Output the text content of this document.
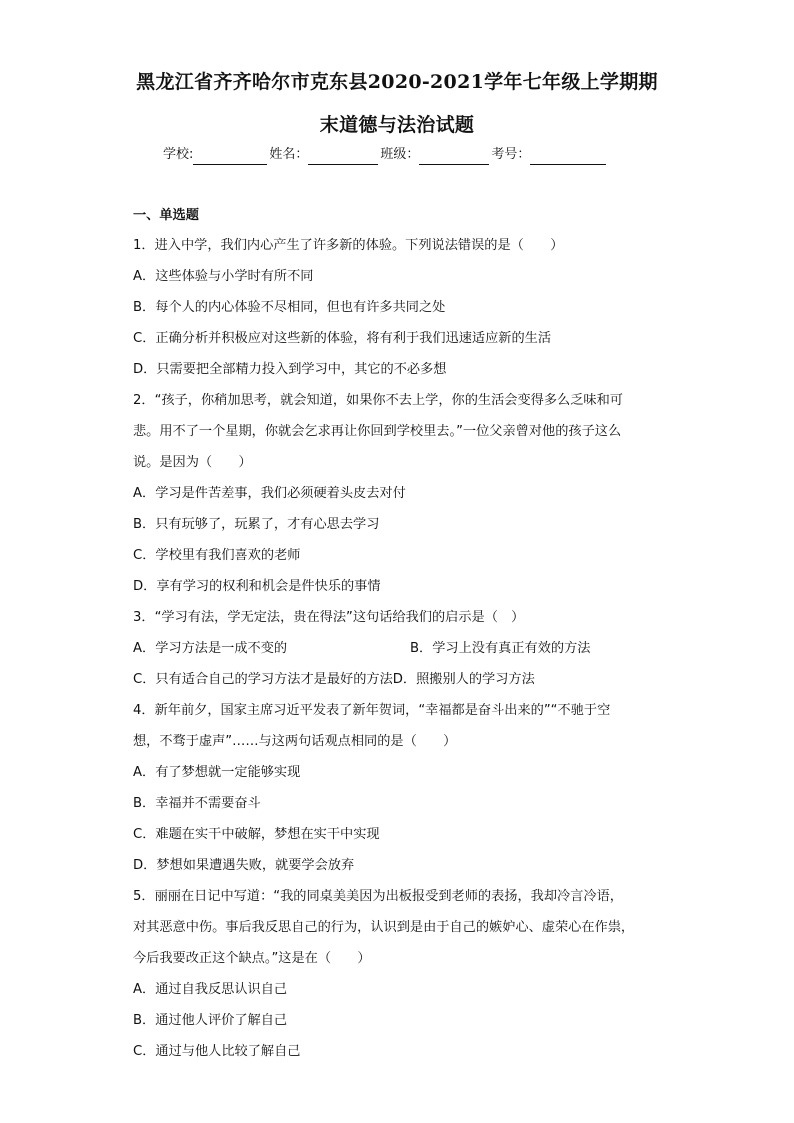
黑龙江省齐齐哈尔市克东县2020-2021学年七年级上学期期
末道德与法治试题
学校:	姓名：	班级：	考号：
一、单选题
1．进入中学，我们内心产生了许多新的体验。下列说法错误的是（　　）
A．这些体验与小学时有所不同
B．每个人的内心体验不尽相同，但也有许多共同之处
C．正确分析并积极应对这些新的体验，将有利于我们迅速适应新的生活
D．只需要把全部精力投入到学习中，其它的不必多想
2．“孩子，你稍加思考，就会知道，如果你不去上学，你的生活会变得多么乏味和可
悲。用不了一个星期，你就会乞求再让你回到学校里去。”一位父亲曾对他的孩子这么
说。是因为（　　）
A．学习是件苦差事，我们必须硬着头皮去对付
B．只有玩够了，玩累了，才有心思去学习
C．学校里有我们喜欢的老师
D．享有学习的权利和机会是件快乐的事情
3．“学习有法，学无定法，贵在得法”这句话给我们的启示是（　）
A．学习方法是一成不变的	B．学习上没有真正有效的方法
C．只有适合自己的学习方法才是最好的方法 D．照搬别人的学习方法
4．新年前夕，国家主席习近平发表了新年贺词，“幸福都是奋斗出来的”“不驰于空
想，不骛于虚声”……与这两句话观点相同的是（　　）
A．有了梦想就一定能够实现
B．幸福并不需要奋斗
C．难题在实干中破解，梦想在实干中实现
D．梦想如果遭遇失败，就要学会放弃
5．丽丽在日记中写道：“我的同桌美美因为出板报受到老师的表扬，我却冷言冷语，
对其恶意中伤。事后我反思自己的行为，认识到是由于自己的嫉妒心、虚荣心在作祟，
今后我要改正这个缺点。”这是在（　　）
A．通过自我反思认识自己
B．通过他人评价了解自己
C．通过与他人比较了解自己
